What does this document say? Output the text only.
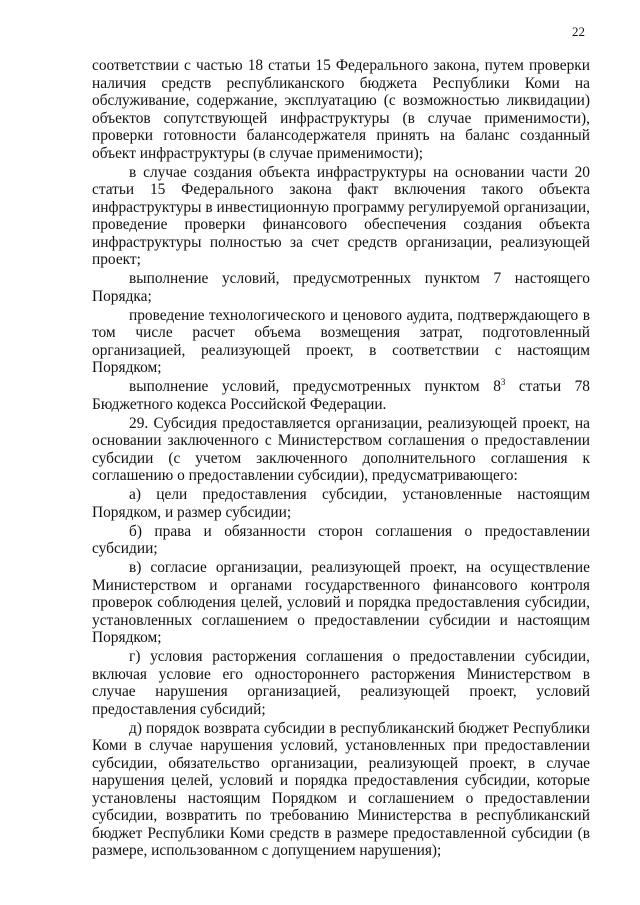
22

соответствии с частью 18 статьи 15 Федерального закона, путем проверки наличия средств республиканского бюджета Республики Коми на обслуживание, содержание, эксплуатацию (с возможностью ликвидации) объектов сопутствующей инфраструктуры (в случае применимости), проверки готовности балансодержателя принять на баланс созданный объект инфраструктуры (в случае применимости);

в случае создания объекта инфраструктуры на основании части 20 статьи 15 Федерального закона факт включения такого объекта инфраструктуры в инвестиционную программу регулируемой организации, проведение проверки финансового обеспечения создания объекта инфраструктуры полностью за счет средств организации, реализующей проект;

выполнение условий, предусмотренных пунктом 7 настоящего Порядка;

проведение технологического и ценового аудита, подтверждающего в том числе расчет объема возмещения затрат, подготовленный организацией, реализующей проект, в соответствии с настоящим Порядком;

выполнение условий, предусмотренных пунктом $8^3$ статьи 78 Бюджетного кодекса Российской Федерации.

29. Субсидия предоставляется организации, реализующей проект, на основании заключенного с Министерством соглашения о предоставлении субсидии (с учетом заключенного дополнительного соглашения к соглашению о предоставлении субсидии), предусматривающего:

а) цели предоставления субсидии, установленные настоящим Порядком, и размер субсидии;

б) права и обязанности сторон соглашения о предоставлении субсидии;

в) согласие организации, реализующей проект, на осуществление Министерством и органами государственного финансового контроля проверок соблюдения целей, условий и порядка предоставления субсидии, установленных соглашением о предоставлении субсидии и настоящим Порядком;

г) условия расторжения соглашения о предоставлении субсидии, включая условие его одностороннего расторжения Министерством в случае нарушения организацией, реализующей проект, условий предоставления субсидий;

д) порядок возврата субсидии в республиканский бюджет Республики Коми в случае нарушения условий, установленных при предоставлении субсидии, обязательство организации, реализующей проект, в случае нарушения целей, условий и порядка предоставления субсидии, которые установлены настоящим Порядком и соглашением о предоставлении субсидии, возвратить по требованию Министерства в республиканский бюджет Республики Коми средств в размере предоставленной субсидии (в размере, использованном с допущением нарушения);
